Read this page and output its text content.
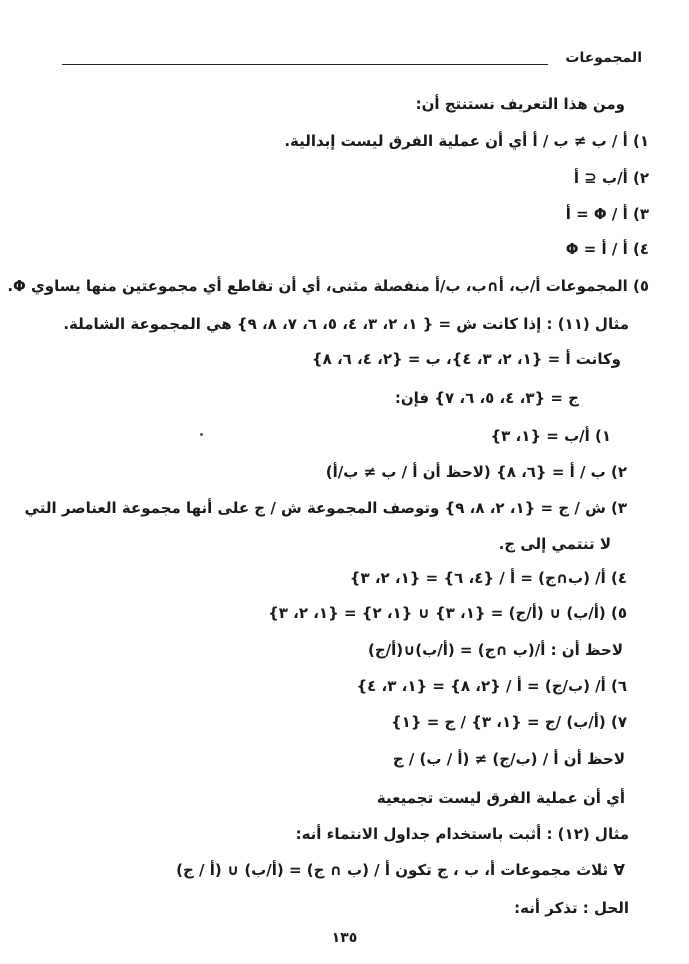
المجموعات
ومن هذا التعريف نستنتج أن:
١) أ / ب ≠ ب / أ أي أن عملية الفرق ليست إبدالية.
٢) أ/ب ⊆ أ
٣) أ / Φ = أ
٤) أ / أ = Φ
٥) المجموعات أ/ب، أ∩ب، ب/أ منفصلة مثنى، أي أن تقاطع أي مجموعتين منها يساوي Φ.
مثال (١١) : إذا كانت ش = { ١، ٢، ٣، ٤، ٥، ٦، ٧، ٨، ٩} هي المجموعة الشاملة.
وكانت أ = {١، ٢، ٣، ٤}، ب = {٢، ٤، ٦، ٨}
ج = {٣، ٤، ٥، ٦، ٧} فإن:
١) أ/ب = {١، ٣}
٢) ب / أ = {٦، ٨} (لاحظ أن أ / ب ≠ ب/أ)
٣) ش / ج = {١، ٢، ٨، ٩} وتوصف المجموعة ش / ج على أنها مجموعة العناصر التي
لا تنتمي إلى ج.
٤) أ/ (ب∩ج) = أ / {٤، ٦} = {١، ٢، ٣}
٥) (أ/ب) ∪ (أ/ج) = {١، ٣} ∪ {١، ٢} = {١، ٢، ٣}
لاحظ أن : أ/(ب ∩ج) = (أ/ب)∪(أ/ج)
٦) أ/ (ب/ج) = أ / {٢، ٨} = {١، ٣، ٤}
٧) (أ/ب) /ج = {١، ٣} / ج = {١}
لاحظ أن أ / (ب/ج) ≠ (أ / ب) / ج
أي أن عملية الفرق ليست تجميعية
مثال (١٢) : أثبت باستخدام جداول الانتماء أنه:
∀ ثلاث مجموعات أ، ب ، ج تكون أ / (ب ∩ ج) = (أ/ب) ∪ (أ / ج)
الحل : تذكر أنه:
١٣٥
